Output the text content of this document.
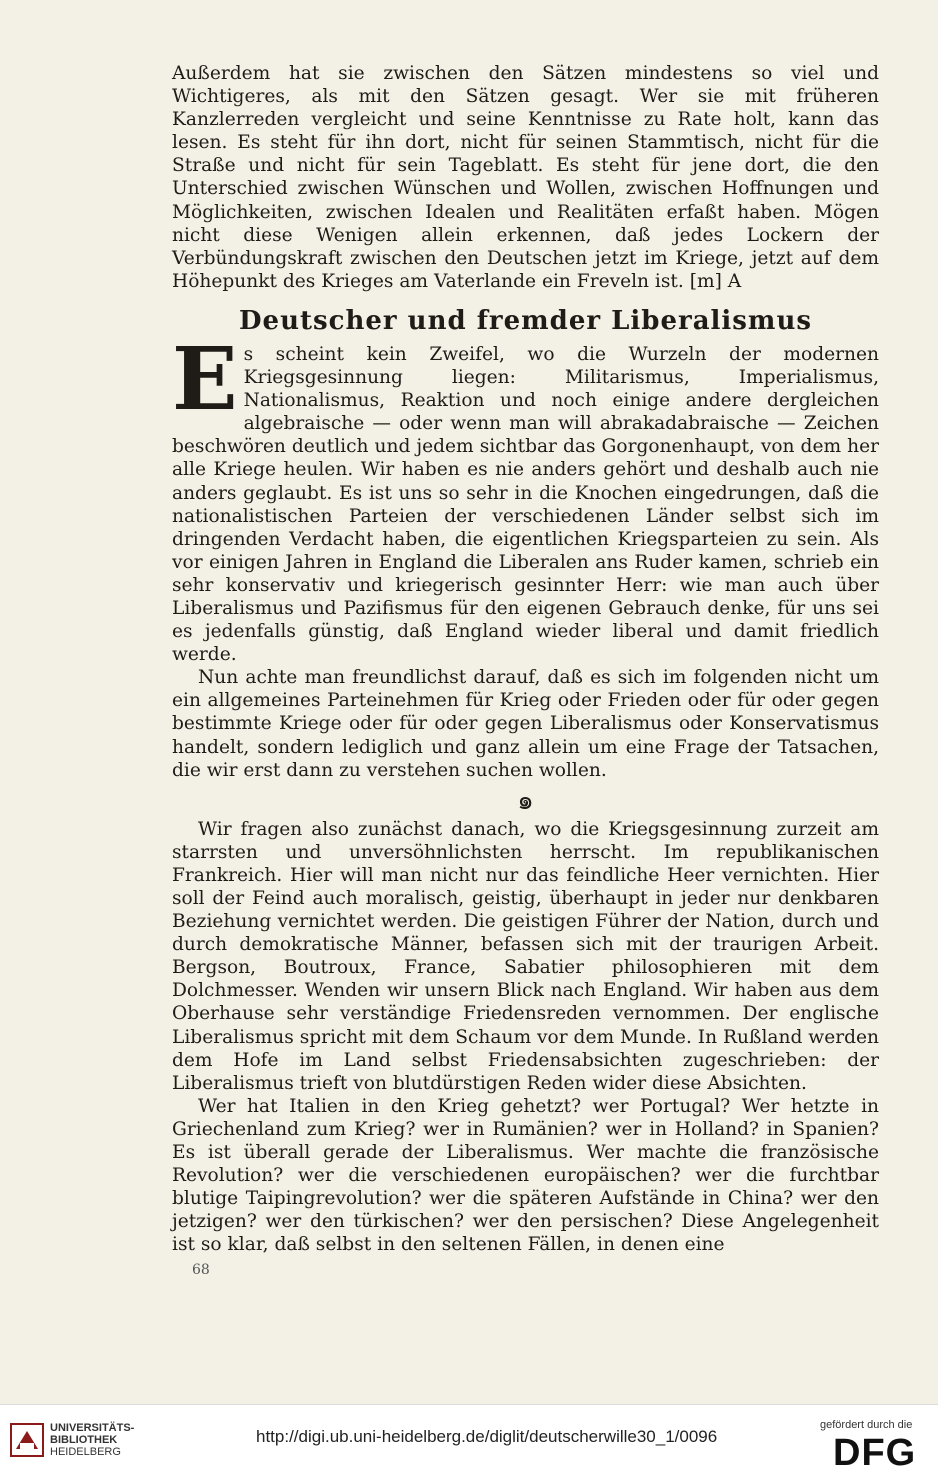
Außerdem hat sie zwischen den Sätzen mindestens so viel und Wichtigeres, als mit den Sätzen gesagt. Wer sie mit früheren Kanzlerreden vergleicht und seine Kenntnisse zu Rate holt, kann das lesen. Es steht für ihn dort, nicht für seinen Stammtisch, nicht für die Straße und nicht für sein Tageblatt. Es steht für jene dort, die den Unterschied zwischen Wünschen und Wollen, zwischen Hoffnungen und Möglichkeiten, zwischen Idealen und Realitäten erfaßt haben. Mögen nicht diese Wenigen allein erkennen, daß jedes Lockern der Verbündungskraft zwischen den Deutschen jetzt im Kriege, jetzt auf dem Höhepunkt des Krieges am Vaterlande ein Freveln ist. [m] A

Deutscher und fremder Liberalismus

Es scheint kein Zweifel, wo die Wurzeln der modernen Kriegsgesinnung liegen: Militarismus, Imperialismus, Nationalismus, Reaktion und noch einige andere dergleichen algebraische — oder wenn man will abrakadabraische — Zeichen beschwören deutlich und jedem sichtbar das Gorgonenhaupt, von dem her alle Kriege heulen. Wir haben es nie anders gehört und deshalb auch nie anders geglaubt. Es ist uns so sehr in die Knochen eingedrungen, daß die nationalistischen Parteien der verschiedenen Länder selbst sich im dringenden Verdacht haben, die eigentlichen Kriegsparteien zu sein. Als vor einigen Jahren in England die Liberalen ans Ruder kamen, schrieb ein sehr konservativ und kriegerisch gesinnter Herr: wie man auch über Liberalismus und Pazifismus für den eigenen Gebrauch denke, für uns sei es jedenfalls günstig, daß England wieder liberal und damit friedlich werde.

Nun achte man freundlichst darauf, daß es sich im folgenden nicht um ein allgemeines Parteinehmen für Krieg oder Frieden oder für oder gegen bestimmte Kriege oder für oder gegen Liberalismus oder Konservatismus handelt, sondern lediglich und ganz allein um eine Frage der Tatsachen, die wir erst dann zu verstehen suchen wollen.

๑

Wir fragen also zunächst danach, wo die Kriegsgesinnung zurzeit am starrsten und unversöhnlichsten herrscht. Im republikanischen Frankreich. Hier will man nicht nur das feindliche Heer vernichten. Hier soll der Feind auch moralisch, geistig, überhaupt in jeder nur denkbaren Beziehung vernichtet werden. Die geistigen Führer der Nation, durch und durch demokratische Männer, befassen sich mit der traurigen Arbeit. Bergson, Boutroux, France, Sabatier philosophieren mit dem Dolchmesser. Wenden wir unsern Blick nach England. Wir haben aus dem Oberhause sehr verständige Friedensreden vernommen. Der englische Liberalismus spricht mit dem Schaum vor dem Munde. In Rußland werden dem Hofe im Land selbst Friedensabsichten zugeschrieben: der Liberalismus trieft von blutdürstigen Reden wider diese Absichten.

Wer hat Italien in den Krieg gehetzt? wer Portugal? Wer hetzte in Griechenland zum Krieg? wer in Rumänien? wer in Holland? in Spanien? Es ist überall gerade der Liberalismus. Wer machte die französische Revolution? wer die verschiedenen europäischen? wer die furchtbar blutige Taipingrevolution? wer die späteren Aufstände in China? wer den jetzigen? wer den türkischen? wer den persischen? Diese Angelegenheit ist so klar, daß selbst in den seltenen Fällen, in denen eine

68
UNIVERSITÄTS-
BIBLIOTHEK
HEIDELBERG
http://digi.ub.uni-heidelberg.de/diglit/deutscherwille30_1/0096
gefördert durch die
DFG
